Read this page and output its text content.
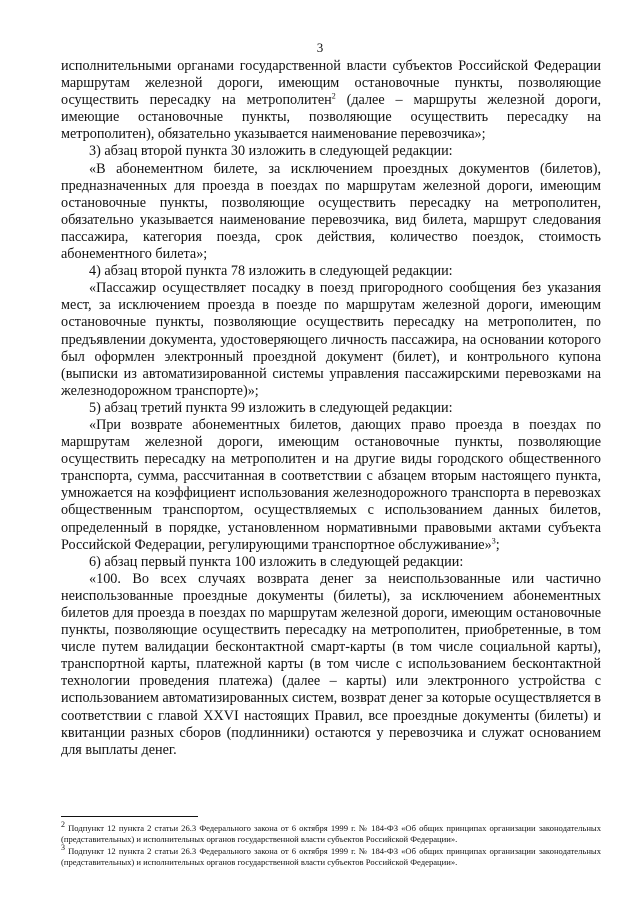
3

исполнительными органами государственной власти субъектов Российской Федерации маршрутам железной дороги, имеющим остановочные пункты, позволяющие осуществить пересадку на метрополитен$^2$ (далее – маршруты железной дороги, имеющие остановочные пункты, позволяющие осуществить пересадку на метрополитен), обязательно указывается наименование перевозчика»;

3) абзац второй пункта 30 изложить в следующей редакции:

«В абонементном билете, за исключением проездных документов (билетов), предназначенных для проезда в поездах по маршрутам железной дороги, имеющим остановочные пункты, позволяющие осуществить пересадку на метрополитен, обязательно указывается наименование перевозчика, вид билета, маршрут следования пассажира, категория поезда, срок действия, количество поездок, стоимость абонементного билета»;

4) абзац второй пункта 78 изложить в следующей редакции:

«Пассажир осуществляет посадку в поезд пригородного сообщения без указания мест, за исключением проезда в поезде по маршрутам железной дороги, имеющим остановочные пункты, позволяющие осуществить пересадку на метрополитен, по предъявлении документа, удостоверяющего личность пассажира, на основании которого был оформлен электронный проездной документ (билет), и контрольного купона (выписки из автоматизированной системы управления пассажирскими перевозками на железнодорожном транспорте)»;

5) абзац третий пункта 99 изложить в следующей редакции:

«При возврате абонементных билетов, дающих право проезда в поездах по маршрутам железной дороги, имеющим остановочные пункты, позволяющие осуществить пересадку на метрополитен и на другие виды городского общественного транспорта, сумма, рассчитанная в соответствии с абзацем вторым настоящего пункта, умножается на коэффициент использования железнодорожного транспорта в перевозках общественным транспортом, осуществляемых с использованием данных билетов, определенный в порядке, установленном нормативными правовыми актами субъекта Российской Федерации, регулирующими транспортное обслуживание»$^3$;

6) абзац первый пункта 100 изложить в следующей редакции:

«100. Во всех случаях возврата денег за неиспользованные или частично неиспользованные проездные документы (билеты), за исключением абонементных билетов для проезда в поездах по маршрутам железной дороги, имеющим остановочные пункты, позволяющие осуществить пересадку на метрополитен, приобретенные, в том числе путем валидации бесконтактной смарт-карты (в том числе социальной карты), транспортной карты, платежной карты (в том числе с использованием бесконтактной технологии проведения платежа) (далее – карты) или электронного устройства с использованием автоматизированных систем, возврат денег за которые осуществляется в соответствии с главой XXVI настоящих Правил, все проездные документы (билеты) и квитанции разных сборов (подлинники) остаются у перевозчика и служат основанием для выплаты денег.

$^2$ Подпункт 12 пункта 2 статьи 26.3 Федерального закона от 6 октября 1999 г. № 184-ФЗ «Об общих принципах организации законодательных (представительных) и исполнительных органов государственной власти субъектов Российской Федерации».

$^3$ Подпункт 12 пункта 2 статьи 26.3 Федерального закона от 6 октября 1999 г. № 184-ФЗ «Об общих принципах организации законодательных (представительных) и исполнительных органов государственной власти субъектов Российской Федерации».
